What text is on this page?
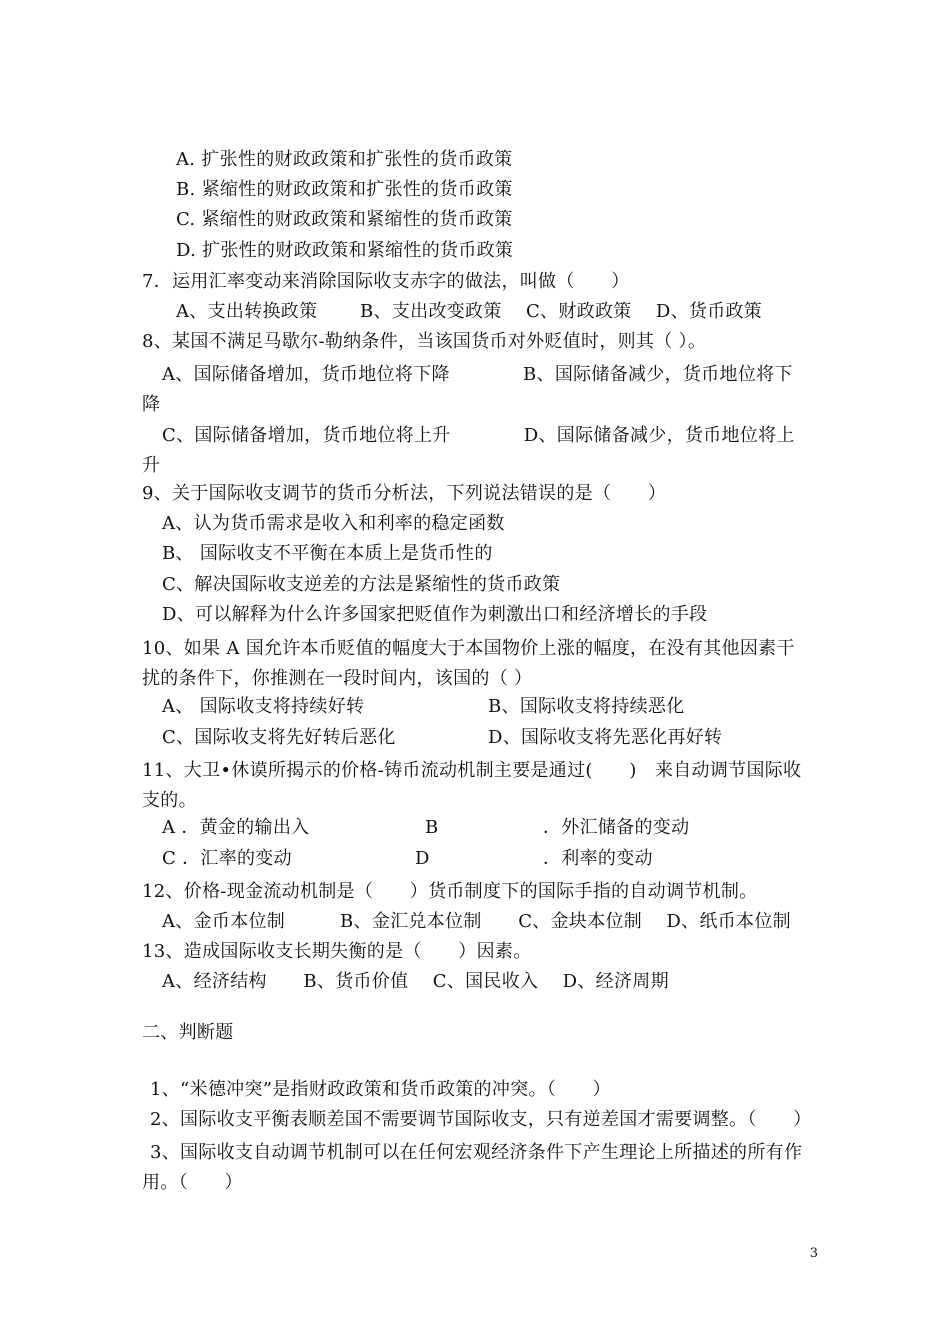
A. 扩张性的财政政策和扩张性的货币政策
B. 紧缩性的财政政策和扩张性的货币政策
C. 紧缩性的财政政策和紧缩性的货币政策
D. 扩张性的财政政策和紧缩性的货币政策
7．运用汇率变动来消除国际收支赤字的做法，叫做（　　）
A、支出转换政策　　 B、支出改变政策　 C、财政政策　 D、货币政策
8、某国不满足马歇尔-勒纳条件，当该国货币对外贬值时，则其（ ）。
A、国际储备增加，货币地位将下降　　　　B、国际储备减少，货币地位将下降
C、国际储备增加，货币地位将上升　　　　D、国际储备减少，货币地位将上升
9、关于国际收支调节的货币分析法，下列说法错误的是（　　）
A、认为货币需求是收入和利率的稳定函数
B、 国际收支不平衡在本质上是货币性的
C、解决国际收支逆差的方法是紧缩性的货币政策
D、可以解释为什么许多国家把贬值作为刺激出口和经济增长的手段
10、如果 A 国允许本币贬值的幅度大于本国物价上涨的幅度，在没有其他因素干扰的条件下，你推测在一段时间内，该国的（ ）
A、 国际收支将持续好转	B、国际收支将持续恶化
C、国际收支将先好转后恶化	D、国际收支将先恶化再好转
11、大卫•休谟所揭示的价格-铸币流动机制主要是通过(　　)　来自动调节国际收支的。
A ．黄金的输出入	B	．外汇储备的变动
C ．汇率的变动	D	．利率的变动
12、价格-现金流动机制是（　　）货币制度下的国际手指的自动调节机制。
A、金币本位制　　　B、金汇兑本位制　　C、金块本位制　 D、纸币本位制
13、造成国际收支长期失衡的是（　　）因素。
A、经济结构　　B、货币价值　 C、国民收入　 D、经济周期
二、判断题
1、“米德冲突”是指财政政策和货币政策的冲突。（　　）
2、国际收支平衡表顺差国不需要调节国际收支，只有逆差国才需要调整。（　　）
3、国际收支自动调节机制可以在任何宏观经济条件下产生理论上所描述的所有作用。（　　）
3
